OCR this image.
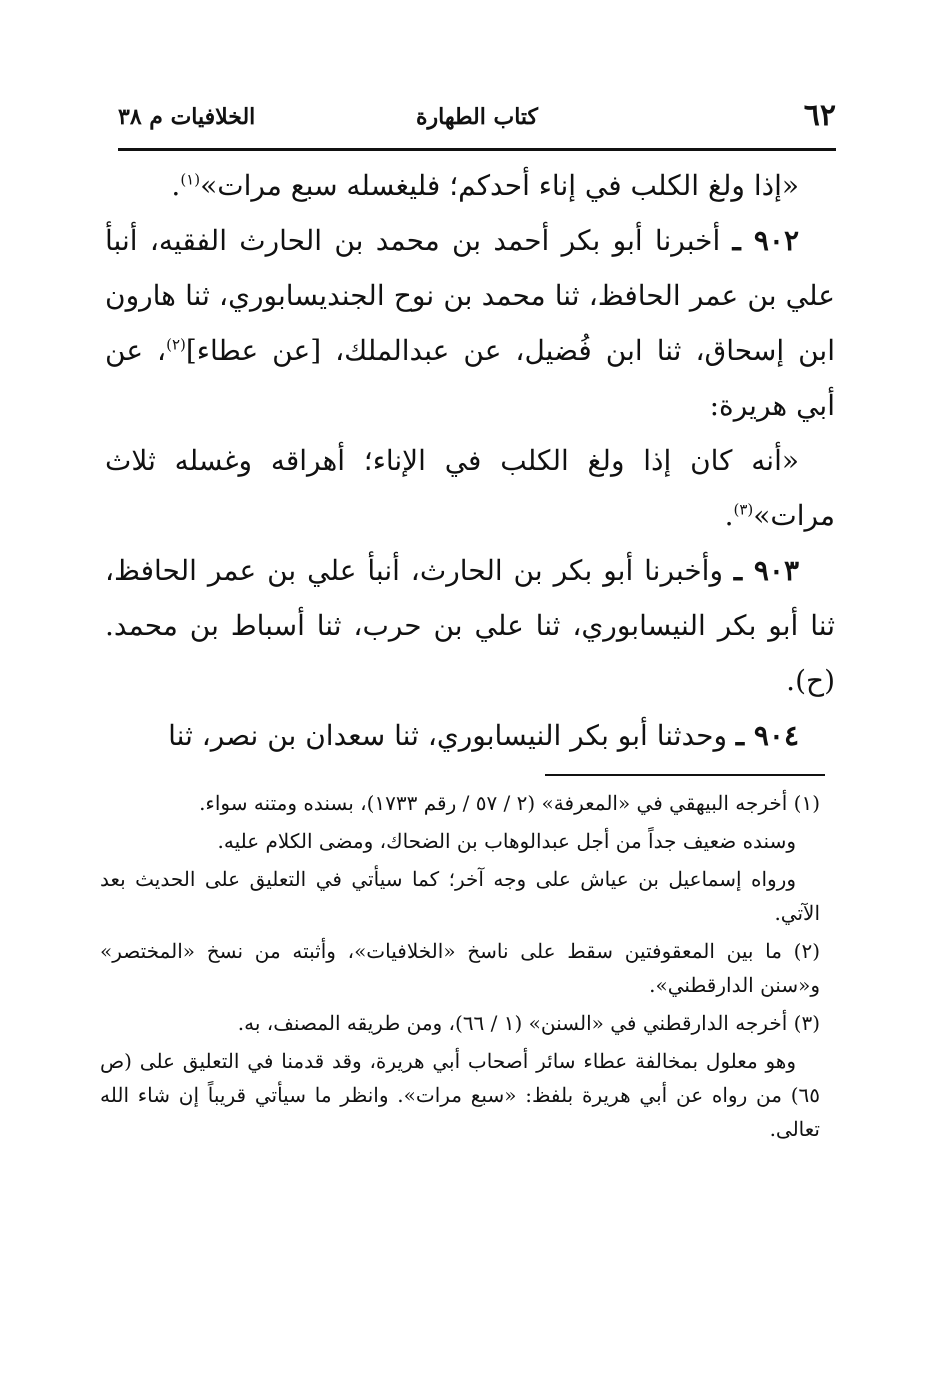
٦٢
كتاب الطهارة
الخلافيات م ٣٨

«إذا ولغ الكلب في إناء أحدكم؛ فليغسله سبع مرات»$^{(١)}$.

٩٠٢ ـ أخبرنا أبو بكر أحمد بن محمد بن الحارث الفقيه، أنبأ علي بن عمر الحافظ، ثنا محمد بن نوح الجنديسابوري، ثنا هارون ابن إسحاق، ثنا ابن فُضيل، عن عبدالملك، [عن عطاء]$^{(٢)}$، عن أبي هريرة:

«أنه كان إذا ولغ الكلب في الإناء؛ أهراقه وغسله ثلاث مرات»$^{(٣)}$.

٩٠٣ ـ وأخبرنا أبو بكر بن الحارث، أنبأ علي بن عمر الحافظ، ثنا أبو بكر النيسابوري، ثنا علي بن حرب، ثنا أسباط بن محمد. (ح).

٩٠٤ ـ وحدثنا أبو بكر النيسابوري، ثنا سعدان بن نصر، ثنا

(١) أخرجه البيهقي في «المعرفة» (٢ / ٥٧ / رقم ١٧٣٣)، بسنده ومتنه سواء.

وسنده ضعيف جداً من أجل عبدالوهاب بن الضحاك، ومضى الكلام عليه.

ورواه إسماعيل بن عياش على وجه آخر؛ كما سيأتي في التعليق على الحديث بعد الآتي.

(٢) ما بين المعقوفتين سقط على ناسخ «الخلافيات»، وأثبته من نسخ «المختصر» و«سنن الدارقطني».

(٣) أخرجه الدارقطني في «السنن» (١ / ٦٦)، ومن طريقه المصنف، به.

وهو معلول بمخالفة عطاء سائر أصحاب أبي هريرة، وقد قدمنا في التعليق على (ص ٦٥) من رواه عن أبي هريرة بلفظ: «سبع مرات». وانظر ما سيأتي قريباً إن شاء الله تعالى.
